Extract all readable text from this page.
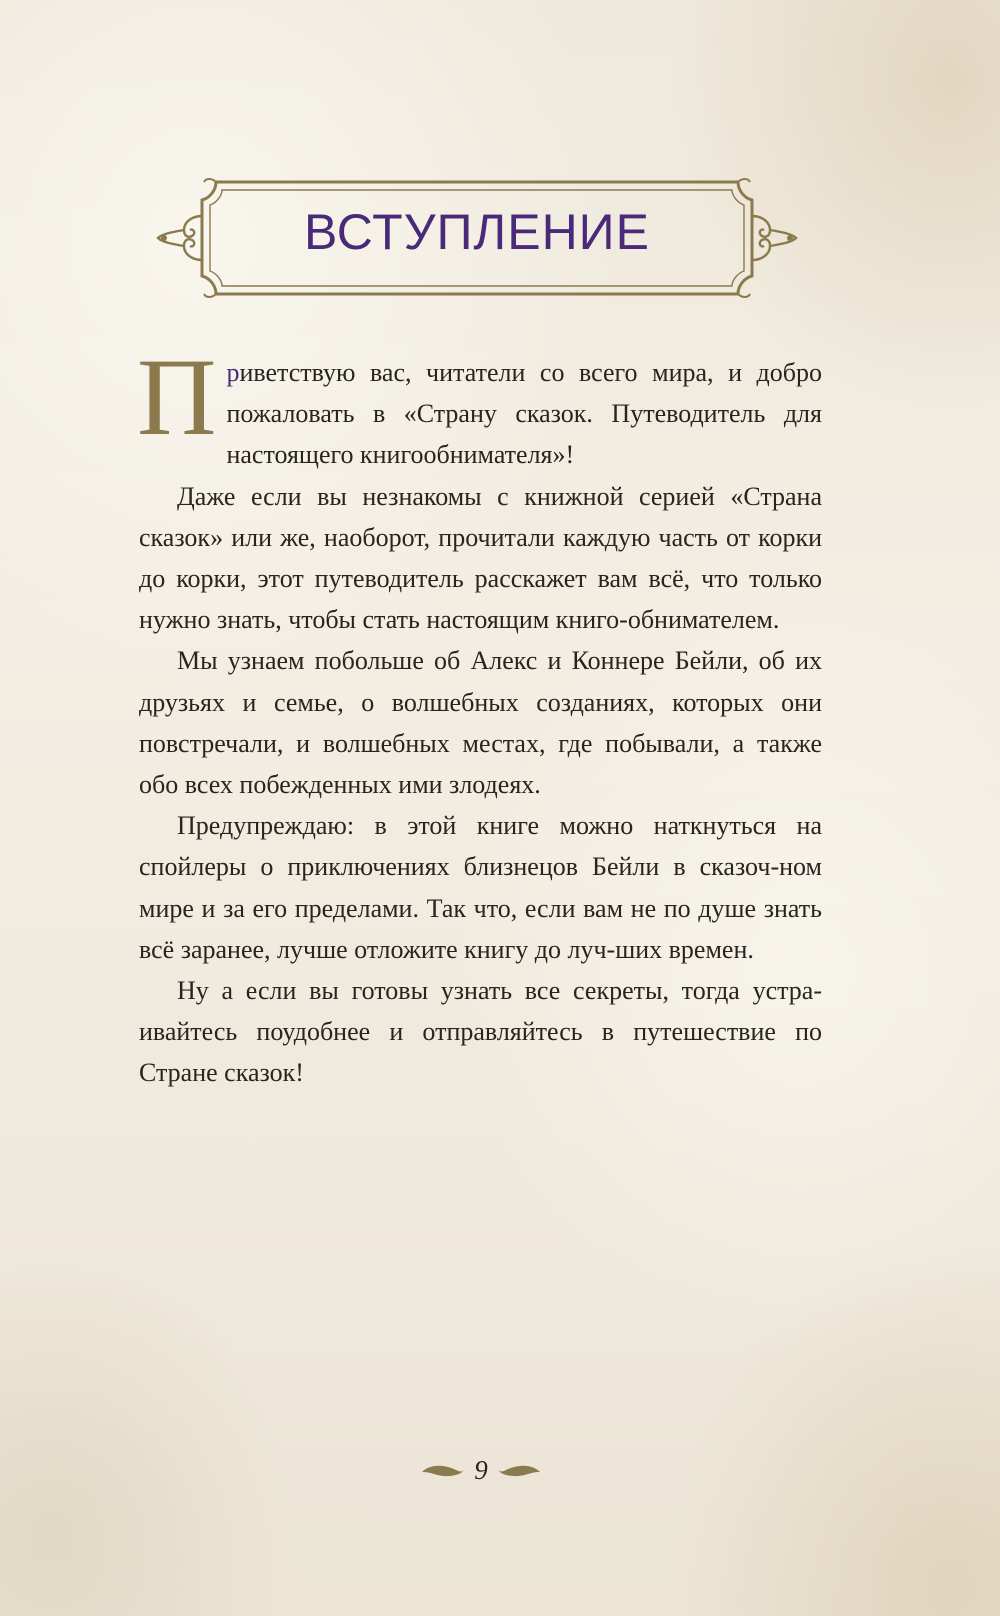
ВСТУПЛЕНИЕ

Приветствую вас, читатели со всего мира, и добро пожаловать в «Страну сказок. Путеводитель для настоящего книгообнимателя»!

Даже если вы незнакомы с книжной серией «Страна сказок» или же, наоборот, прочитали каждую часть от корки до корки, этот путеводитель расскажет вам всё, что только нужно знать, чтобы стать настоящим книго-обнимателем.

Мы узнаем побольше об Алекс и Коннере Бейли, об их друзьях и семье, о волшебных созданиях, которых они повстречали, и волшебных местах, где побывали, а также обо всех побежденных ими злодеях.

Предупреждаю: в этой книге можно наткнуться на спойлеры о приключениях близнецов Бейли в сказоч-ном мире и за его пределами. Так что, если вам не по душе знать всё заранее, лучше отложите книгу до луч-ших времен.

Ну а если вы готовы узнать все секреты, тогда устра-ивайтесь поудобнее и отправляйтесь в путешествие по Стране сказок!

9
